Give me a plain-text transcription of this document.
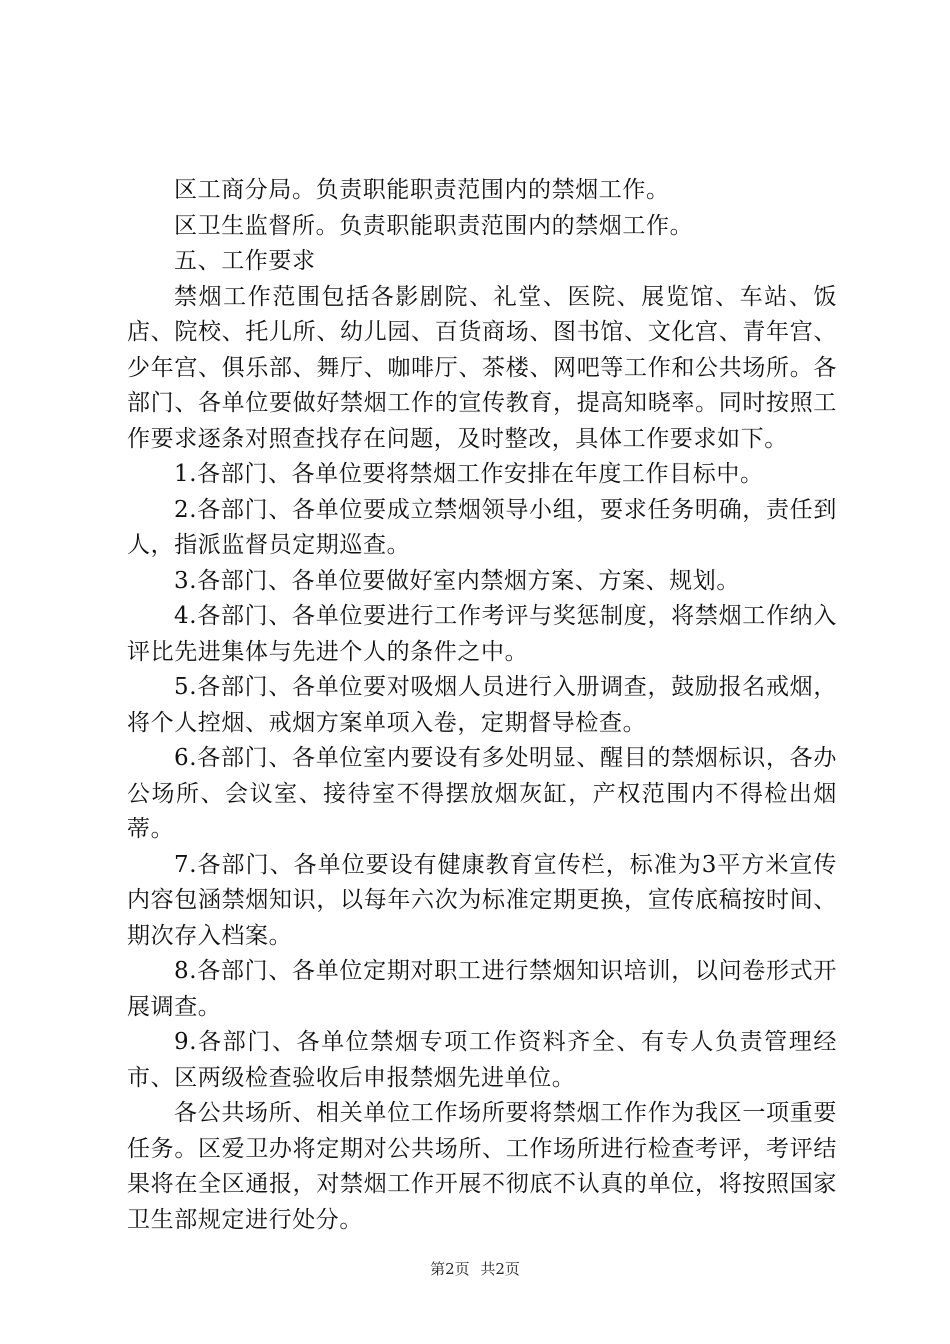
区工商分局。负责职能职责范围内的禁烟工作。

区卫生监督所。负责职能职责范围内的禁烟工作。

五、工作要求

禁烟工作范围包括各影剧院、礼堂、医院、展览馆、车站、饭店、院校、托儿所、幼儿园、百货商场、图书馆、文化宫、青年宫、少年宫、俱乐部、舞厅、咖啡厅、茶楼、网吧等工作和公共场所。各部门、各单位要做好禁烟工作的宣传教育，提高知晓率。同时按照工作要求逐条对照查找存在问题，及时整改，具体工作要求如下。

1.各部门、各单位要将禁烟工作安排在年度工作目标中。

2.各部门、各单位要成立禁烟领导小组，要求任务明确，责任到人，指派监督员定期巡查。

3.各部门、各单位要做好室内禁烟方案、方案、规划。

4.各部门、各单位要进行工作考评与奖惩制度，将禁烟工作纳入评比先进集体与先进个人的条件之中。

5.各部门、各单位要对吸烟人员进行入册调查，鼓励报名戒烟，将个人控烟、戒烟方案单项入卷，定期督导检查。

6.各部门、各单位室内要设有多处明显、醒目的禁烟标识，各办公场所、会议室、接待室不得摆放烟灰缸，产权范围内不得检出烟蒂。

7.各部门、各单位要设有健康教育宣传栏，标准为3平方米宣传内容包涵禁烟知识，以每年六次为标准定期更换，宣传底稿按时间、期次存入档案。

8.各部门、各单位定期对职工进行禁烟知识培训，以问卷形式开展调查。

9.各部门、各单位禁烟专项工作资料齐全、有专人负责管理经市、区两级检查验收后申报禁烟先进单位。

各公共场所、相关单位工作场所要将禁烟工作作为我区一项重要任务。区爱卫办将定期对公共场所、工作场所进行检查考评，考评结果将在全区通报，对禁烟工作开展不彻底不认真的单位，将按照国家卫生部规定进行处分。

第2页 共2页
